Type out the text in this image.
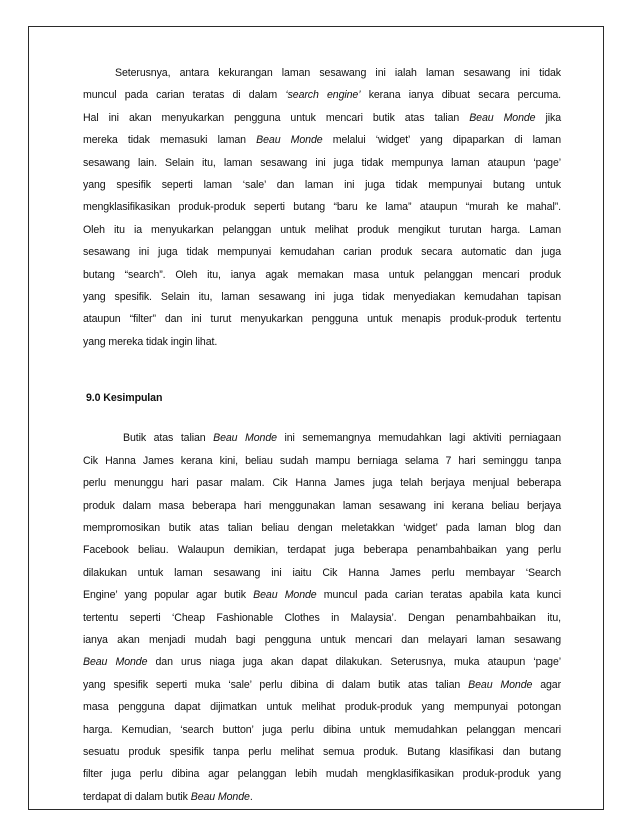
Seterusnya, antara kekurangan laman sesawang ini ialah laman sesawang ini tidak
muncul pada carian teratas di dalam ‘search engine’ kerana ianya dibuat secara percuma.
Hal ini akan menyukarkan pengguna untuk mencari butik atas talian Beau Monde jika
mereka tidak memasuki laman Beau Monde melalui ‘widget’ yang dipaparkan di laman
sesawang lain. Selain itu, laman sesawang ini juga tidak mempunya laman ataupun ‘page’
yang spesifik seperti laman ‘sale’ dan laman ini juga tidak mempunyai butang untuk
mengklasifikasikan produk-produk seperti butang “baru ke lama” ataupun “murah ke mahal”.
Oleh itu ia menyukarkan pelanggan untuk melihat produk mengikut turutan harga. Laman
sesawang ini juga tidak mempunyai kemudahan carian produk secara automatic dan juga
butang “search”. Oleh itu, ianya agak memakan masa untuk pelanggan mencari produk
yang spesifik. Selain itu, laman sesawang ini juga tidak menyediakan kemudahan tapisan
ataupun “filter” dan ini turut menyukarkan pengguna untuk menapis produk-produk tertentu
yang mereka tidak ingin lihat.

9.0 Kesimpulan

Butik atas talian Beau Monde ini sememangnya memudahkan lagi aktiviti perniagaan
Cik Hanna James kerana kini, beliau sudah mampu berniaga selama 7 hari seminggu tanpa
perlu menunggu hari pasar malam. Cik Hanna James juga telah berjaya menjual beberapa
produk dalam masa beberapa hari menggunakan laman sesawang ini kerana beliau berjaya
mempromosikan butik atas talian beliau dengan meletakkan ‘widget’ pada laman blog dan
Facebook beliau. Walaupun demikian, terdapat juga beberapa penambahbaikan yang perlu
dilakukan untuk laman sesawang ini iaitu Cik Hanna James perlu membayar ‘Search
Engine’ yang popular agar butik Beau Monde muncul pada carian teratas apabila kata kunci
tertentu seperti ‘Cheap Fashionable Clothes in Malaysia’. Dengan penambahbaikan itu,
ianya akan menjadi mudah bagi pengguna untuk mencari dan melayari laman sesawang
Beau Monde dan urus niaga juga akan dapat dilakukan. Seterusnya, muka ataupun ‘page’
yang spesifik seperti muka ‘sale’ perlu dibina di dalam butik atas talian Beau Monde agar
masa pengguna dapat dijimatkan untuk melihat produk-produk yang mempunyai potongan
harga. Kemudian, ‘search button’ juga perlu dibina untuk memudahkan pelanggan mencari
sesuatu produk spesifik tanpa perlu melihat semua produk. Butang klasifikasi dan butang
filter juga perlu dibina agar pelanggan lebih mudah mengklasifikasikan produk-produk yang
terdapat di dalam butik Beau Monde.
